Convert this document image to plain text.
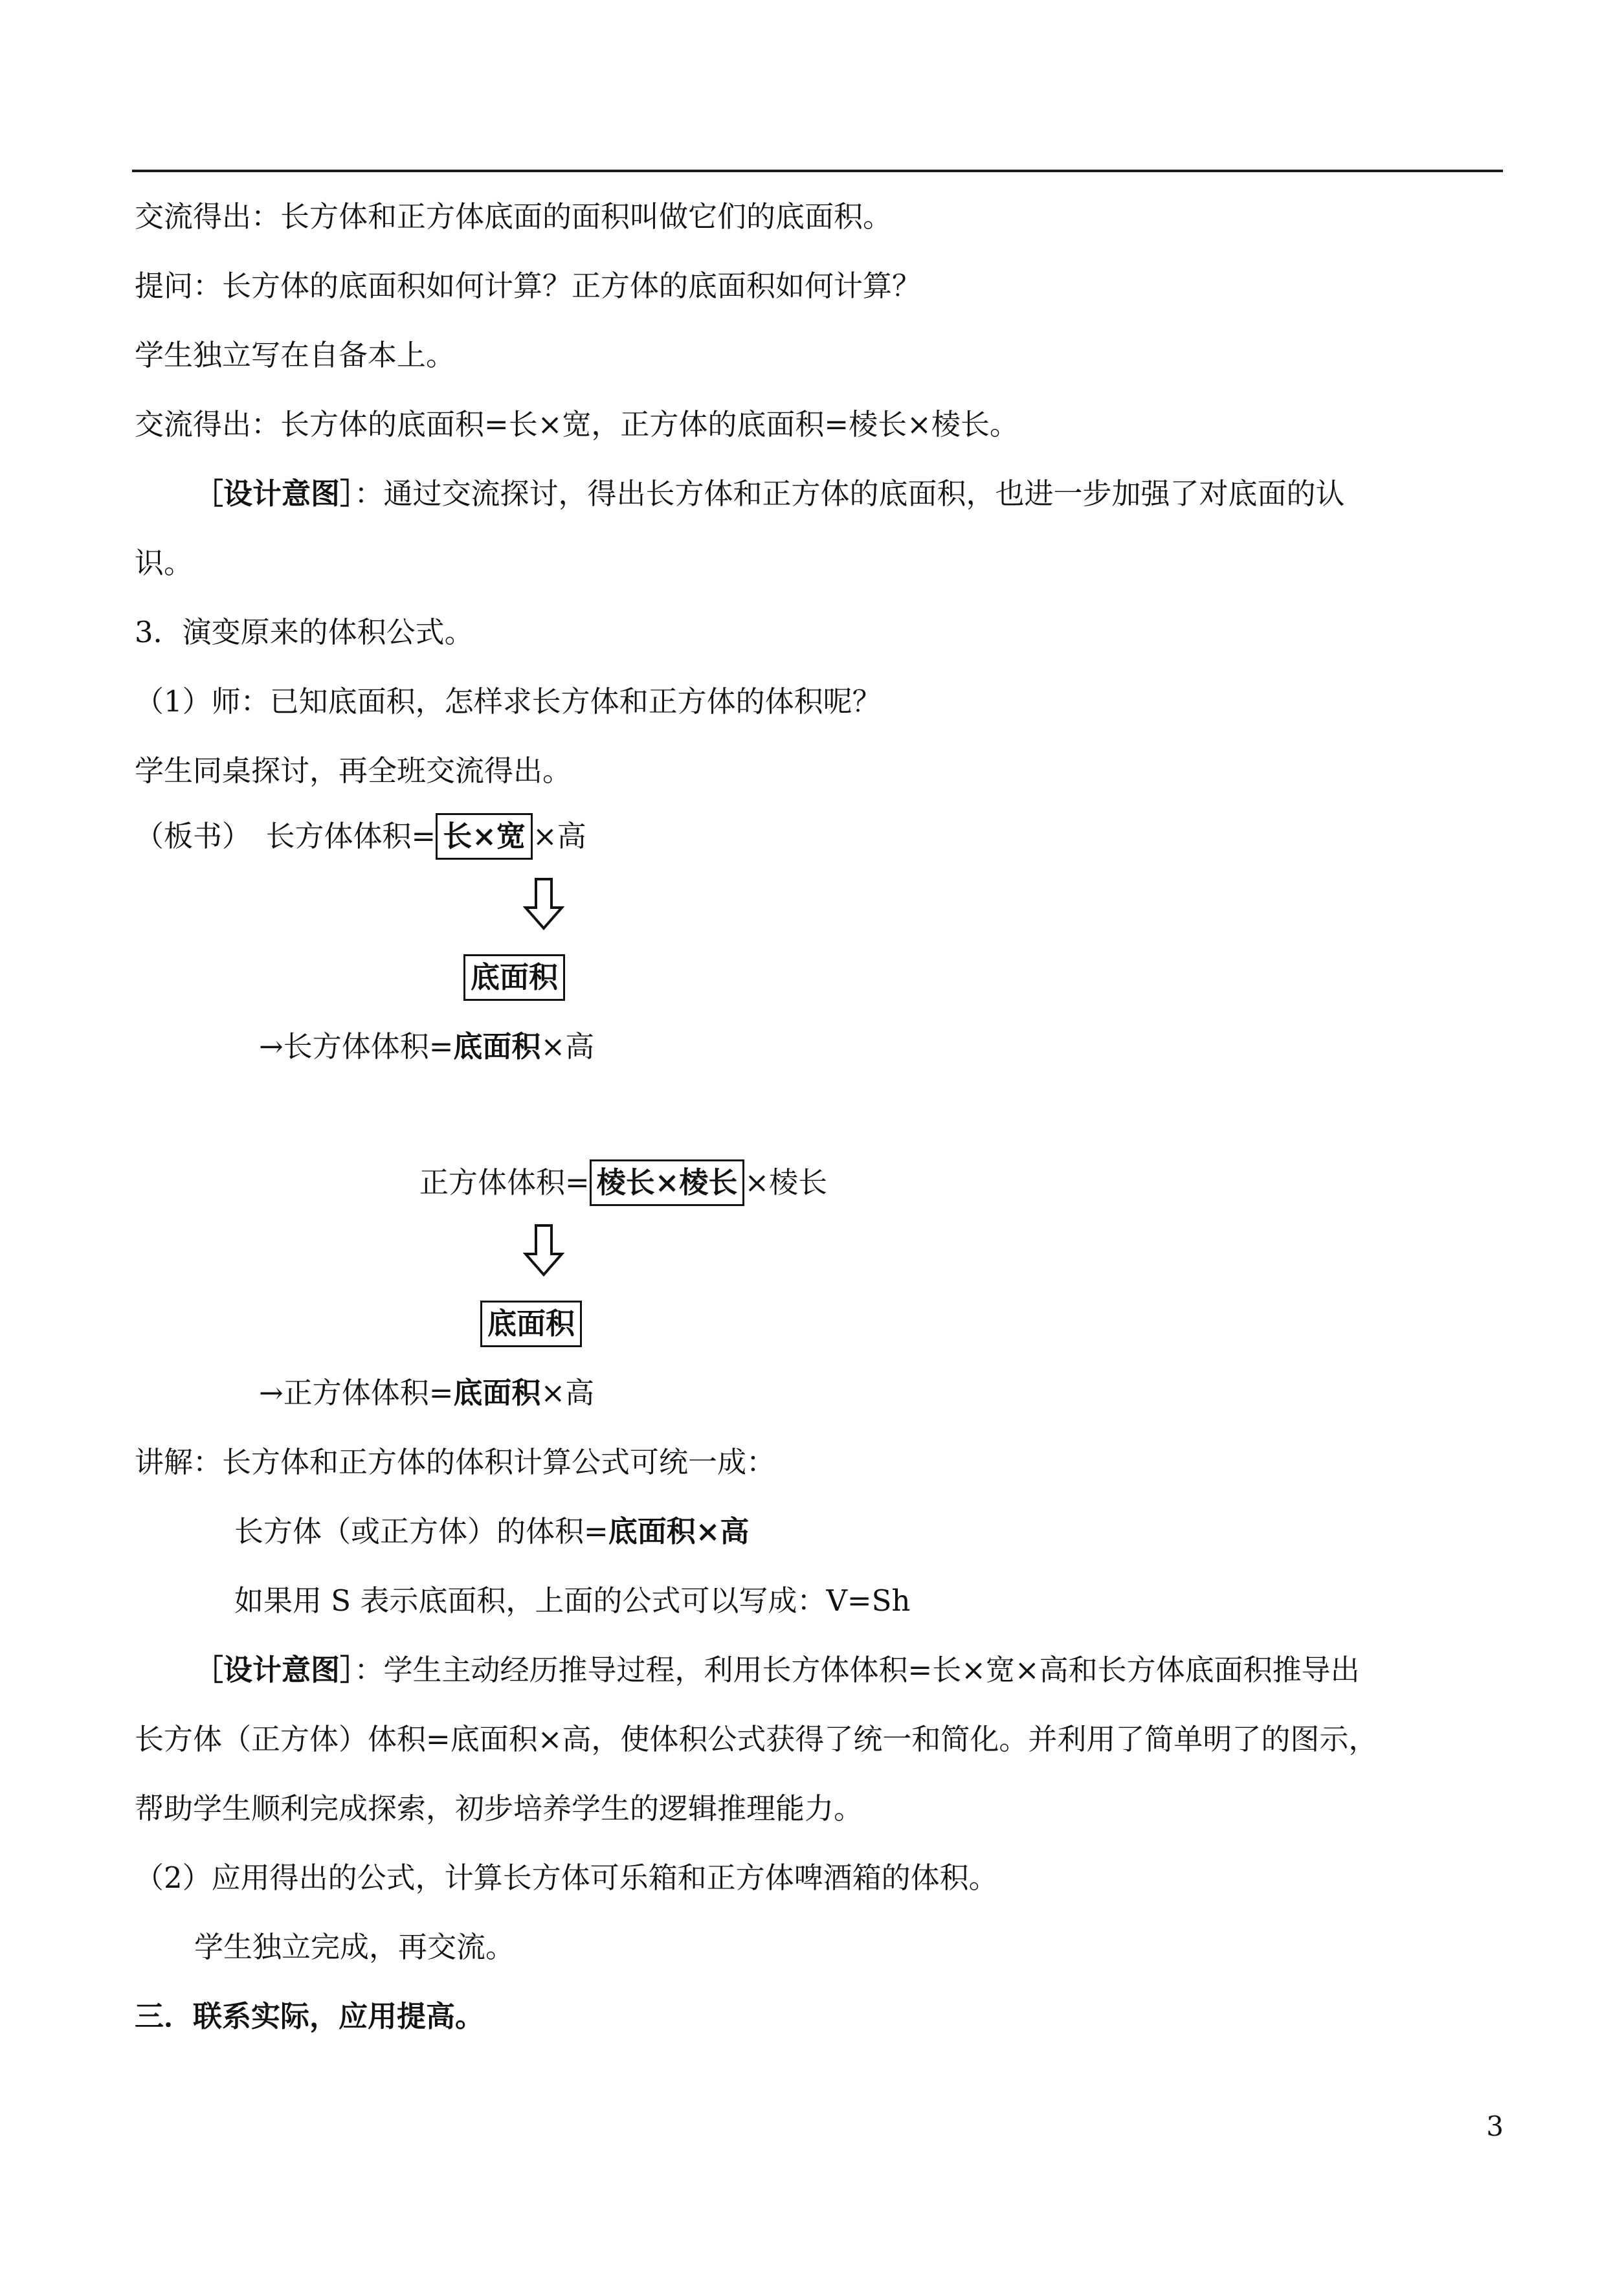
交流得出：长方体和正方体底面的面积叫做它们的底面积。
提问：长方体的底面积如何计算？正方体的底面积如何计算？
学生独立写在自备本上。
交流得出：长方体的底面积=长×宽，正方体的底面积=棱长×棱长。
［设计意图］：通过交流探讨，得出长方体和正方体的底面积，也进一步加强了对底面的认
识。
3．演变原来的体积公式。
（1）师：已知底面积，怎样求长方体和正方体的体积呢？
学生同桌探讨，再全班交流得出。
（板书）　长方体体积= 长×宽 ×高
底面积
→长方体体积=底面积×高
正方体体积= 棱长×棱长 ×棱长
底面积
→正方体体积=底面积×高
讲解：长方体和正方体的体积计算公式可统一成：
长方体（或正方体）的体积=底面积×高
如果用 S 表示底面积，上面的公式可以写成：V=Sh
［设计意图］：学生主动经历推导过程，利用长方体体积=长×宽×高和长方体底面积推导出
长方体（正方体）体积=底面积×高，使体积公式获得了统一和简化。并利用了简单明了的图示，
帮助学生顺利完成探索，初步培养学生的逻辑推理能力。
（2）应用得出的公式，计算长方体可乐箱和正方体啤酒箱的体积。
学生独立完成，再交流。
三．联系实际，应用提高。
3
